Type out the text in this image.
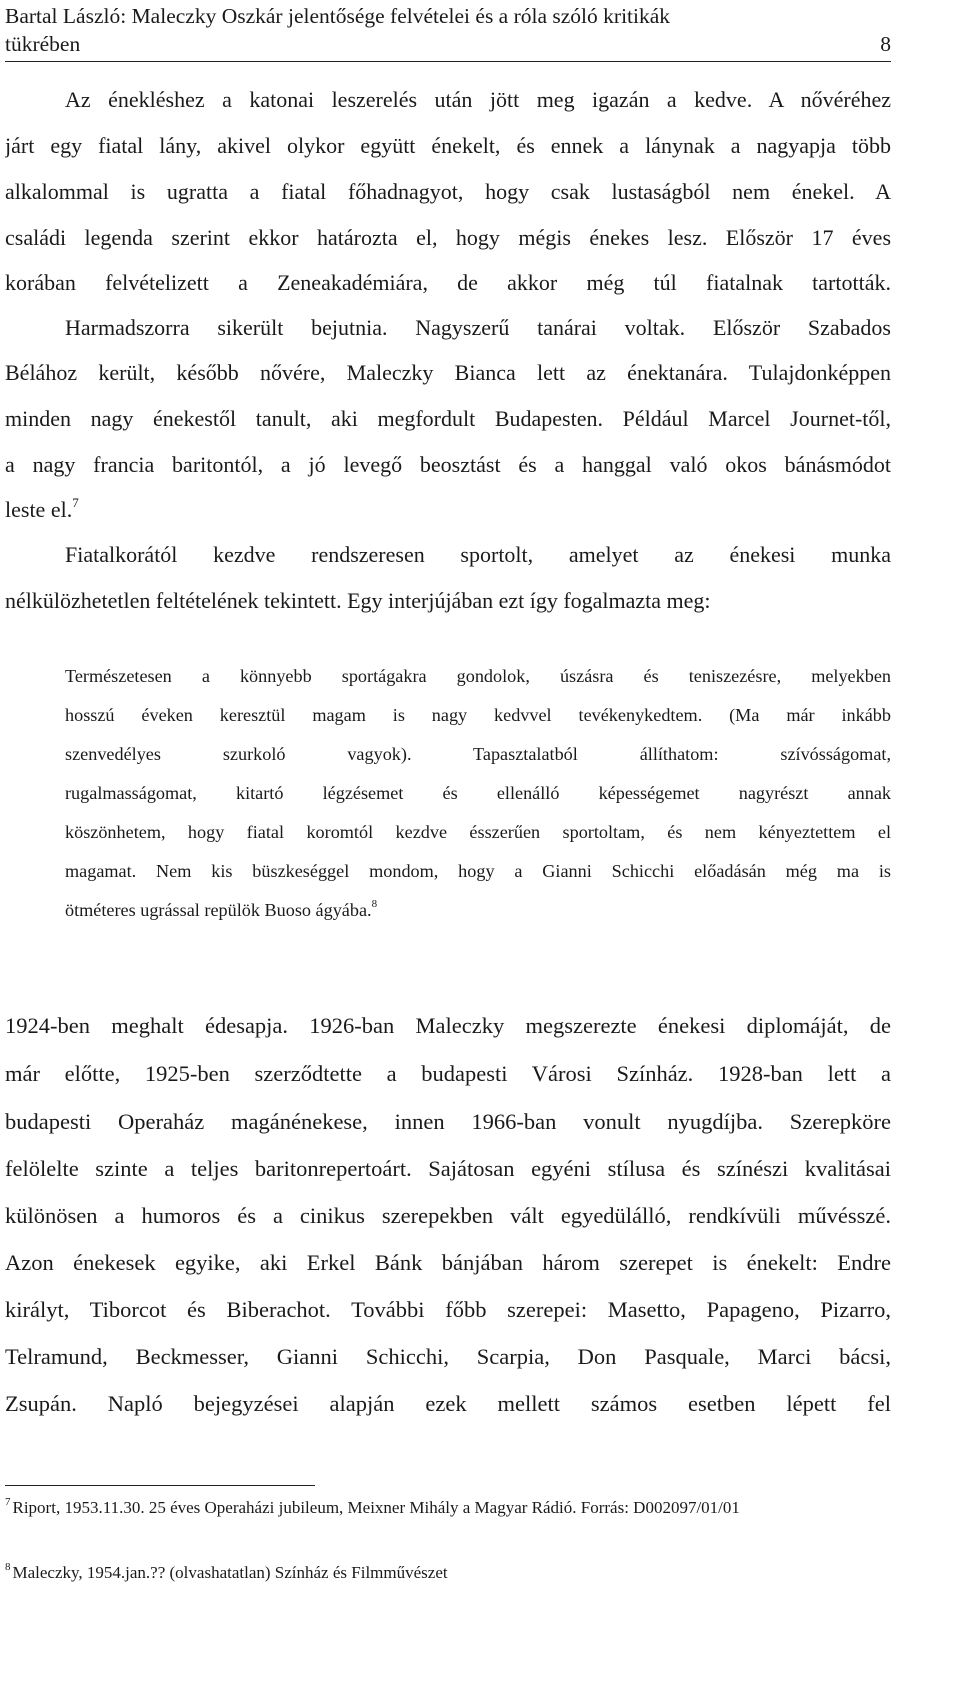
Bartal László: Maleczky Oszkár jelentősége felvételei és a róla szóló kritikák
tükrében	8
Az énekléshez a katonai leszerelés után jött meg igazán a kedve. A nővéréhez
járt egy fiatal lány, akivel olykor együtt énekelt, és ennek a lánynak a nagyapja több
alkalommal is ugratta a fiatal főhadnagyot, hogy csak lustaságból nem énekel. A
családi legenda szerint ekkor határozta el, hogy mégis énekes lesz. Először 17 éves
korában felvételizett a Zeneakadémiára, de akkor még túl fiatalnak tartották.
Harmadszorra sikerült bejutnia. Nagyszerű tanárai voltak. Először Szabados
Bélához került, később nővére, Maleczky Bianca lett az énektanára. Tulajdonképpen
minden nagy énekestől tanult, aki megfordult Budapesten. Például Marcel Journet-től,
a nagy francia baritontól, a jó levegő beosztást és a hanggal való okos bánásmódot
leste el.$^7$
Fiatalkorától kezdve rendszeresen sportolt, amelyet az énekesi munka
nélkülözhetetlen feltételének tekintett. Egy interjújában ezt így fogalmazta meg:
Természetesen a könnyebb sportágakra gondolok, úszásra és teniszezésre, melyekben
hosszú éveken keresztül magam is nagy kedvvel tevékenykedtem. (Ma már inkább
szenvedélyes szurkoló vagyok). Tapasztalatból állíthatom: szívósságomat,
rugalmasságomat, kitartó légzésemet és ellenálló képességemet nagyrészt annak
köszönhetem, hogy fiatal koromtól kezdve ésszerűen sportoltam, és nem kényeztettem el
magamat. Nem kis büszkeséggel mondom, hogy a Gianni Schicchi előadásán még ma is
ötméteres ugrással repülök Buoso ágyába.$^8$
1924-ben meghalt édesapja. 1926-ban Maleczky megszerezte énekesi diplomáját, de
már előtte, 1925-ben szerződtette a budapesti Városi Színház. 1928-ban lett a
budapesti Operaház magánénekese, innen 1966-ban vonult nyugdíjba. Szerepköre
felölelte szinte a teljes baritonrepertoárt. Sajátosan egyéni stílusa és színészi kvalitásai
különösen a humoros és a cinikus szerepekben vált egyedülálló, rendkívüli művésszé.
Azon énekesek egyike, aki Erkel Bánk bánjában három szerepet is énekelt: Endre
királyt, Tiborcot és Biberachot. További főbb szerepei: Masetto, Papageno, Pizarro,
Telramund, Beckmesser, Gianni Schicchi, Scarpia, Don Pasquale, Marci bácsi,
Zsupán. Napló bejegyzései alapján ezek mellett számos esetben lépett fel
$^7$ Riport, 1953.11.30. 25 éves Operaházi jubileum, Meixner Mihály a Magyar Rádió. Forrás: D002097/01/01
$^8$ Maleczky, 1954.jan.?? (olvashatatlan) Színház és Filmművészet
